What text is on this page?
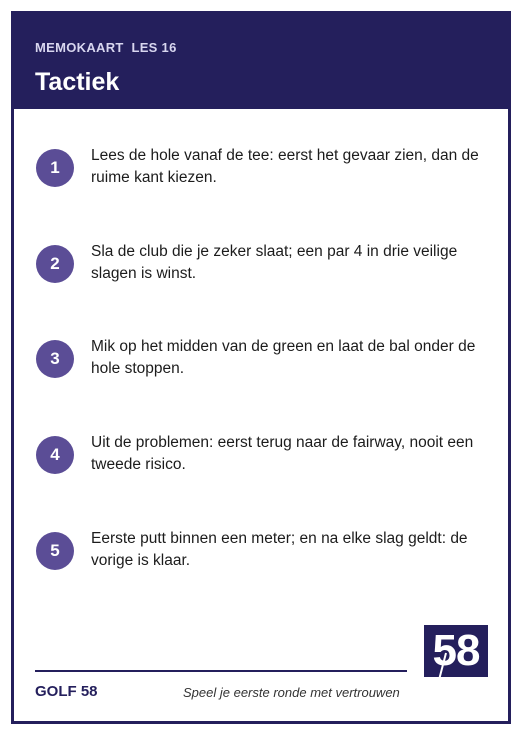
MEMOKAART  LES 16
Tactiek
1
Lees de hole vanaf de tee: eerst het gevaar zien, dan de ruime kant kiezen.
2
Sla de club die je zeker slaat; een par 4 in drie veilige slagen is winst.
3
Mik op het midden van de green en laat de bal onder de hole stoppen.
4
Uit de problemen: eerst terug naar de fairway, nooit een tweede risico.
5
Eerste putt binnen een meter; en na elke slag geldt: de vorige is klaar.
58
GOLF 58	Speel je eerste ronde met vertrouwen
